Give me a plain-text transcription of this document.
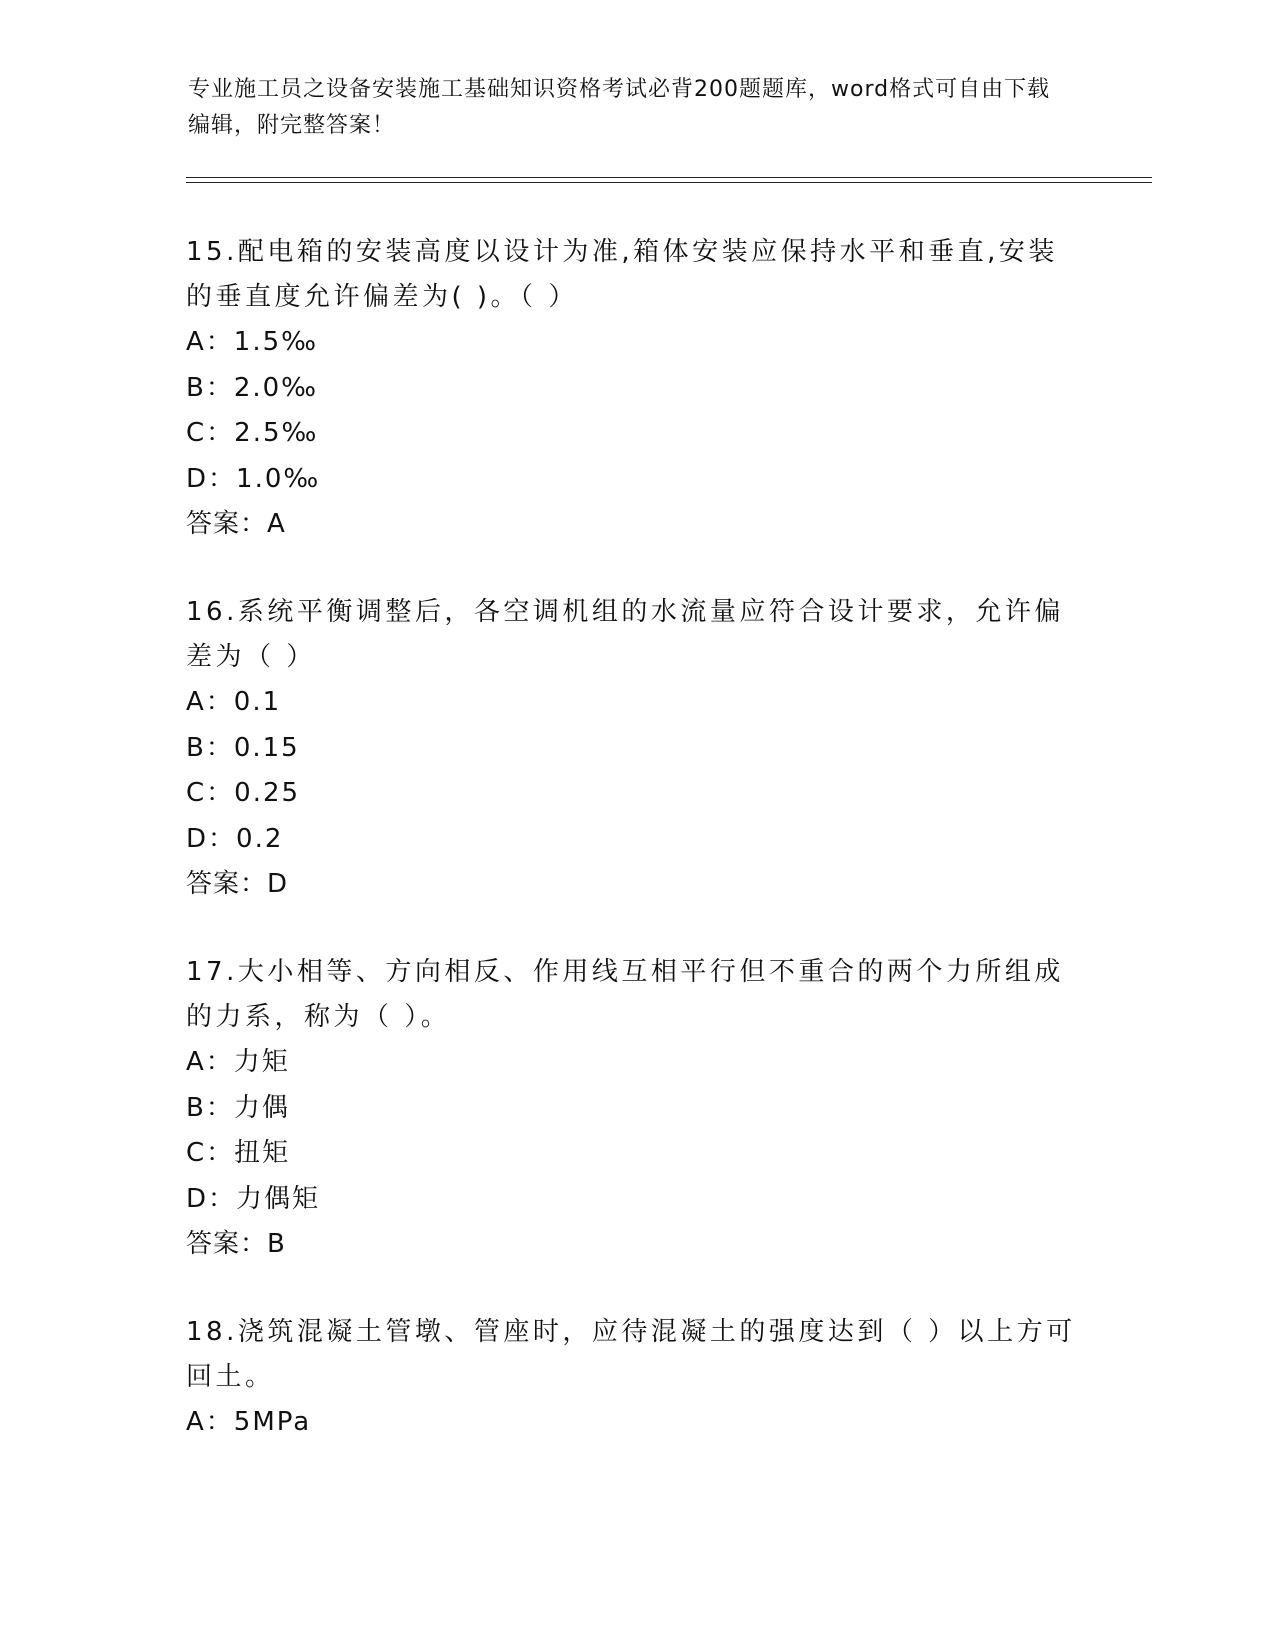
专业施工员之设备安装施工基础知识资格考试必背200题题库，word格式可自由下载编辑，附完整答案！

15.配电箱的安装高度以设计为准,箱体安装应保持水平和垂直,安装的垂直度允许偏差为( )。（ ）

A：1.5‰

B：2.0‰

C：2.5‰

D：1.0‰

答案：A

16.系统平衡调整后，各空调机组的水流量应符合设计要求，允许偏差为（ ）

A：0.1

B：0.15

C：0.25

D：0.2

答案：D

17.大小相等、方向相反、作用线互相平行但不重合的两个力所组成的力系，称为（ ）。

A：力矩

B：力偶

C：扭矩

D：力偶矩

答案：B

18.浇筑混凝土管墩、管座时，应待混凝土的强度达到（ ）以上方可回土。

A：5MPa
